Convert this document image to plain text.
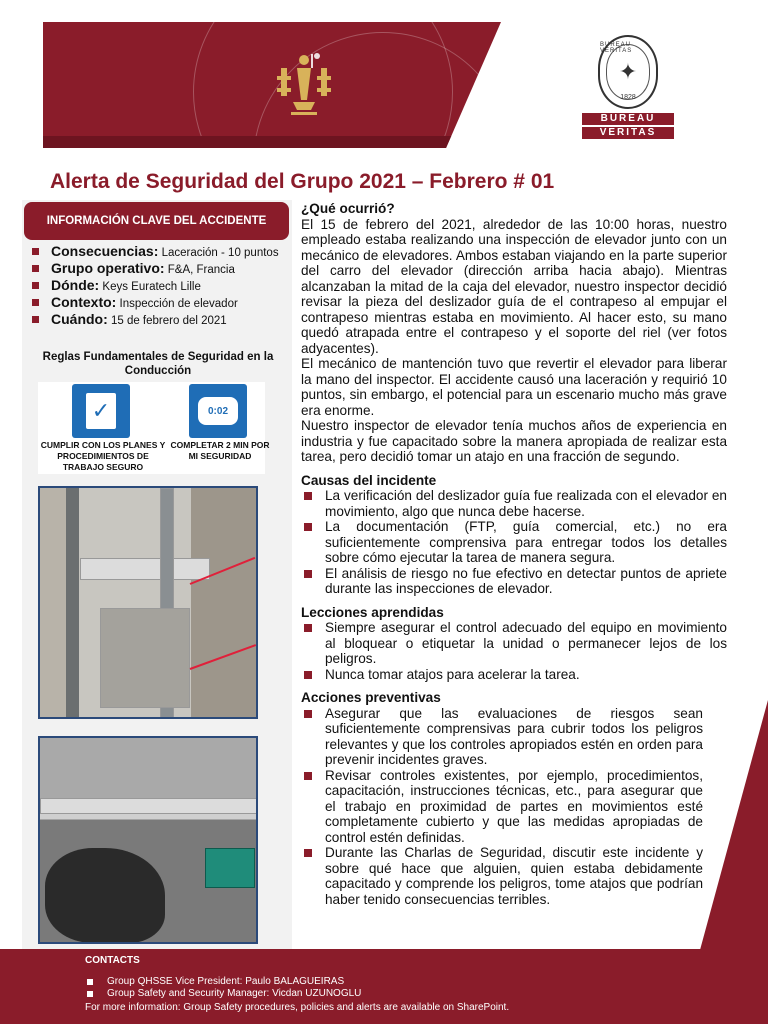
BUREAU VERITAS
✦
1828
BUREAU
VERITAS
Alerta de Seguridad del Grupo 2021 – Febrero # 01
INFORMACIÓN CLAVE DEL ACCIDENTE
Consecuencias: Laceración - 10 puntos
Grupo operativo: F&A, Francia
Dónde: Keys Euratech Lille
Contexto: Inspección de elevador
Cuándo: 15 de febrero del 2021
Reglas Fundamentales de Seguridad en la Conducción
✓	0:02
CUMPLIR CON LOS PLANES Y PROCEDIMIENTOS DE TRABAJO SEGURO
COMPLETAR 2 MIN POR MI SEGURIDAD
¿Qué ocurrió?

El 15 de febrero del 2021, alrededor de las 10:00 horas, nuestro empleado estaba realizando una inspección de elevador junto con un mecánico de elevadores. Ambos estaban viajando en la parte superior del carro del elevador (dirección arriba hacia abajo). Mientras alcanzaban la mitad de la caja del elevador, nuestro inspector decidió revisar la pieza del deslizador guía de el contrapeso al empujar el contrapeso mientras estaba en movimiento. Al hacer esto, su mano quedó atrapada entre el contrapeso y el soporte del riel (ver fotos adyacentes).

El mecánico de mantención tuvo que revertir el elevador para liberar la mano del inspector. El accidente causó una laceración y requirió 10 puntos, sin embargo, el potencial para un escenario mucho más grave era enorme.

Nuestro inspector de elevador tenía muchos años de experiencia en industria y fue capacitado sobre la manera apropiada de realizar esta tarea, pero decidió tomar un atajo en una fracción de segundo.

Causas del incidente
La verificación del deslizador guía fue realizada con el elevador en movimiento, algo que nunca debe hacerse.
La documentación (FTP, guía comercial, etc.) no era suficientemente comprensiva para entregar todos los detalles sobre cómo ejecutar la tarea de manera segura.
El análisis de riesgo no fue efectivo en detectar puntos de apriete durante las inspecciones de elevador.
Lecciones aprendidas
Siempre asegurar el control adecuado del equipo en movimiento al bloquear o etiquetar la unidad o permanecer lejos de los peligros.
Nunca tomar atajos para acelerar la tarea.
Acciones preventivas
Asegurar que las evaluaciones de riesgos sean suficientemente comprensivas para cubrir todos los peligros relevantes y que los controles apropiados estén en orden para prevenir incidentes graves.
Revisar controles existentes, por ejemplo, procedimientos, capacitación, instrucciones técnicas, etc., para asegurar que el trabajo en proximidad de partes en movimientos esté completamente cubierto y que las medidas apropiadas de control estén definidas.
Durante las Charlas de Seguridad, discutir este incidente y sobre qué hace que alguien, quien estaba debidamente capacitado y comprende los peligros, tome atajos que podrían haber tenido consecuencias terribles.
CONTACTS
Group QHSSE Vice President: Paulo BALAGUEIRAS
Group Safety and Security Manager: Vicdan UZUNOGLU
For more information: Group Safety procedures, policies and alerts are available on SharePoint.
